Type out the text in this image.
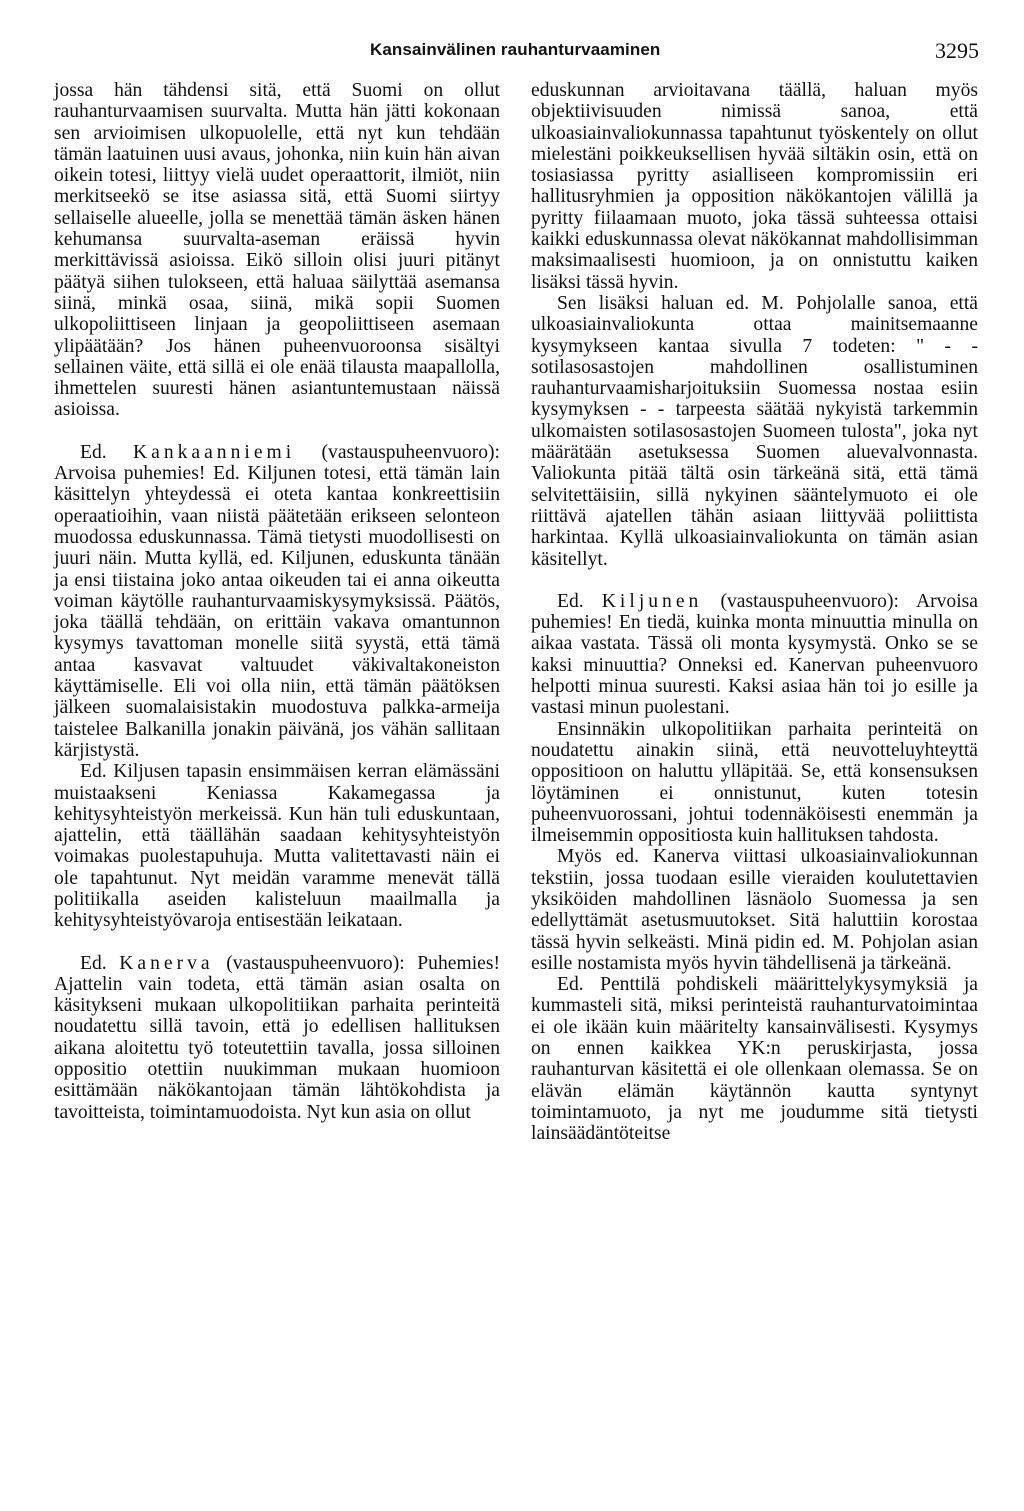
Kansainvälinen rauhanturvaaminen	3295

jossa hän tähdensi sitä, että Suomi on ollut rauhanturvaamisen suurvalta. Mutta hän jätti kokonaan sen arvioimisen ulkopuolelle, että nyt kun tehdään tämän laatuinen uusi avaus, johonka, niin kuin hän aivan oikein totesi, liittyy vielä uudet operaattorit, ilmiöt, niin merkitseekö se itse asiassa sitä, että Suomi siirtyy sellaiselle alueelle, jolla se menettää tämän äsken hänen kehumansa suurvalta-aseman eräissä hyvin merkittävissä asioissa. Eikö silloin olisi juuri pitänyt päätyä siihen tulokseen, että haluaa säilyttää asemansa siinä, minkä osaa, siinä, mikä sopii Suomen ulkopoliittiseen linjaan ja geopoliittiseen asemaan ylipäätään? Jos hänen puheenvuoroonsa sisältyi sellainen väite, että sillä ei ole enää tilausta maapallolla, ihmettelen suuresti hänen asiantuntemustaan näissä asioissa.

Ed. Kankaanniemi (vastauspuheenvuoro): Arvoisa puhemies! Ed. Kiljunen totesi, että tämän lain käsittelyn yhteydessä ei oteta kantaa konkreettisiin operaatioihin, vaan niistä päätetään erikseen selonteon muodossa eduskunnassa. Tämä tietysti muodollisesti on juuri näin. Mutta kyllä, ed. Kiljunen, eduskunta tänään ja ensi tiistaina joko antaa oikeuden tai ei anna oikeutta voiman käytölle rauhanturvaamiskysymyksissä. Päätös, joka täällä tehdään, on erittäin vakava omantunnon kysymys tavattoman monelle siitä syystä, että tämä antaa kasvavat valtuudet väkivaltakoneiston käyttämiselle. Eli voi olla niin, että tämän päätöksen jälkeen suomalaisistakin muodostuva palkka-armeija taistelee Balkanilla jonakin päivänä, jos vähän sallitaan kärjistystä.

Ed. Kiljusen tapasin ensimmäisen kerran elämässäni muistaakseni Keniassa Kakamegassa ja kehitysyhteistyön merkeissä. Kun hän tuli eduskuntaan, ajattelin, että täällähän saadaan kehitysyhteistyön voimakas puolestapuhuja. Mutta valitettavasti näin ei ole tapahtunut. Nyt meidän varamme menevät tällä politiikalla aseiden kalisteluun maailmalla ja kehitysyhteistyövaroja entisestään leikataan.

Ed. Kanerva (vastauspuheenvuoro): Puhemies! Ajattelin vain todeta, että tämän asian osalta on käsitykseni mukaan ulkopolitiikan parhaita perinteitä noudatettu sillä tavoin, että jo edellisen hallituksen aikana aloitettu työ toteutettiin tavalla, jossa silloinen oppositio otettiin nuukimman mukaan huomioon esittämään näkökantojaan tämän lähtökohdista ja tavoitteista, toimintamuodoista. Nyt kun asia on ollut

eduskunnan arvioitavana täällä, haluan myös objektiivisuuden nimissä sanoa, että ulkoasiainvaliokunnassa tapahtunut työskentely on ollut mielestäni poikkeuksellisen hyvää siltäkin osin, että on tosiasiassa pyritty asialliseen kompromissiin eri hallitusryhmien ja opposition näkökantojen välillä ja pyritty fiilaamaan muoto, joka tässä suhteessa ottaisi kaikki eduskunnassa olevat näkökannat mahdollisimman maksimaalisesti huomioon, ja on onnistuttu kaiken lisäksi tässä hyvin.

Sen lisäksi haluan ed. M. Pohjolalle sanoa, että ulkoasiainvaliokunta ottaa mainitsemaanne kysymykseen kantaa sivulla 7 todeten: " - - sotilasosastojen mahdollinen osallistuminen rauhanturvaamisharjoituksiin Suomessa nostaa esiin kysymyksen - - tarpeesta säätää nykyistä tarkemmin ulkomaisten sotilasosastojen Suomeen tulosta", joka nyt määrätään asetuksessa Suomen aluevalvonnasta. Valiokunta pitää tältä osin tärkeänä sitä, että tämä selvitettäisiin, sillä nykyinen sääntelymuoto ei ole riittävä ajatellen tähän asiaan liittyvää poliittista harkintaa. Kyllä ulkoasiainvaliokunta on tämän asian käsitellyt.

Ed. Kiljunen (vastauspuheenvuoro): Arvoisa puhemies! En tiedä, kuinka monta minuuttia minulla on aikaa vastata. Tässä oli monta kysymystä. Onko se se kaksi minuuttia? Onneksi ed. Kanervan puheenvuoro helpotti minua suuresti. Kaksi asiaa hän toi jo esille ja vastasi minun puolestani.

Ensinnäkin ulkopolitiikan parhaita perinteitä on noudatettu ainakin siinä, että neuvotteluyhteyttä oppositioon on haluttu ylläpitää. Se, että konsensuksen löytäminen ei onnistunut, kuten totesin puheenvuorossani, johtui todennäköisesti enemmän ja ilmeisemmin oppositiosta kuin hallituksen tahdosta.

Myös ed. Kanerva viittasi ulkoasiainvaliokunnan tekstiin, jossa tuodaan esille vieraiden koulutettavien yksiköiden mahdollinen läsnäolo Suomessa ja sen edellyttämät asetusmuutokset. Sitä haluttiin korostaa tässä hyvin selkeästi. Minä pidin ed. M. Pohjolan asian esille nostamista myös hyvin tähdellisenä ja tärkeänä.

Ed. Penttilä pohdiskeli määrittelykysymyksiä ja kummasteli sitä, miksi perinteistä rauhanturvatoimintaa ei ole ikään kuin määritelty kansainvälisesti. Kysymys on ennen kaikkea YK:n peruskirjasta, jossa rauhanturvan käsitettä ei ole ollenkaan olemassa. Se on elävän elämän käytännön kautta syntynyt toimintamuoto, ja nyt me joudumme sitä tietysti lainsäädäntöteitse
